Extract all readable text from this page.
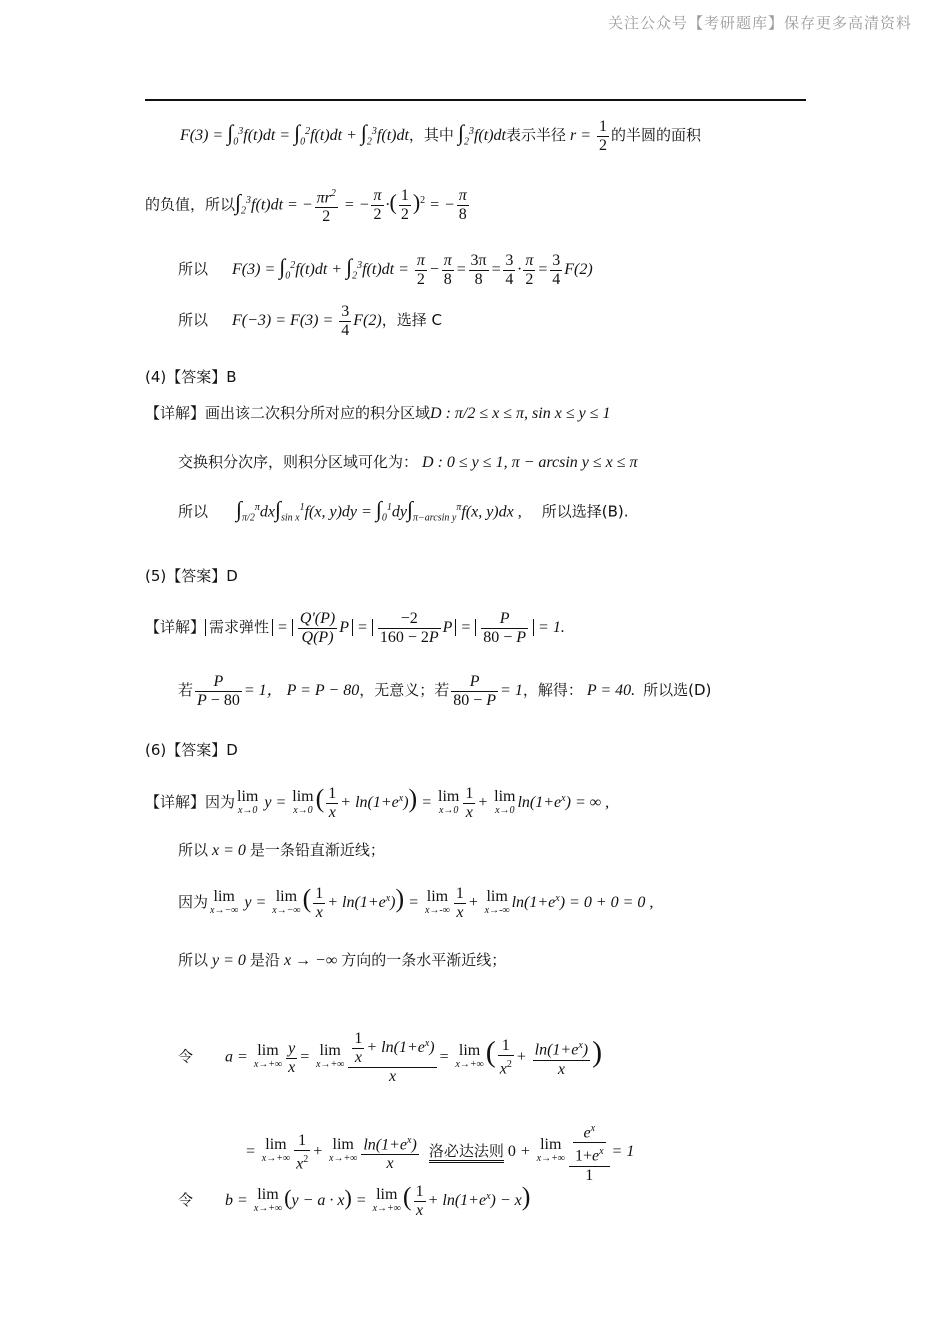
关注公众号【考研题库】保存更多高清资料
$F(3) = \int_0^3f(t)dt = \int_0^2f(t)dt + \int_2^3f(t)dt$，其中 $\int_2^3f(t)dt$表示半径 $r = \frac{1}{2}$ 的半圆的面积
的负值，所以$\int_2^3f(t)dt$ = − $\frac{\pi r^2}{2}$ = − $\frac{\pi}{2}$ ·( $\frac{1}{2} )^2$ = − $\frac{\pi}{8}$
所以      $F(3) = \int_0^2f(t)dt + \int_2^3f(t)dt = \frac{\pi}{2} - \frac{\pi}{8} = \frac{3\pi}{8} = \frac{3}{4} \cdot \frac{\pi}{2} = \frac{3}{4} F(2)$
所以      $F(-3) = F(3) = \frac{3}{4} F(2)$，选择 C
(4)【答案】B
【详解】画出该二次积分所对应的积分区域D : π/2 ≤ x ≤ π, sin x ≤ y ≤ 1
交换积分次序，则积分区域可化为： D : 0 ≤ y ≤ 1, π − arcsin y ≤ x ≤ π
所以 $\int_{\pi/2}^\pi dx\int_{sin x}^1f(x$, $y)dy = \int_0^1dy\int_{\pi-arcsin y}^\pi f(x$, y)dx ,     所以选择(B).
(5)【答案】D
【详解】 需求弹性 = $\frac{Q'(P)}{Q(P)}$ $P = \frac{-2}{160 - 2P}$ $P = \frac{P}{80 - P} = 1$.
若 $\frac{P}{P - 80} = 1$， P = P − 80，无意义；若 $\frac{P}{80 - P} = 1$，解得： P = 40.  所以选(D)
(6)【答案】D
【详解】因为 lim
x→0 y = lim
x→0 ( $\frac{1}{x} + \ln(1+e^x)) = \lim$
$x\to 0 \frac{1}{x} + \lim$
x→0 $\ln(1+e^x)$ = ∞ ,
所以 x = 0 是一条铅直渐近线；
因为 lim
x→−∞ y = lim
x→−∞ ( $\frac{1}{x} + \ln(1+e^x)) = \lim$
$x\to-\infty \frac{1}{x} + \lim$
x→-∞ $\ln(1+e^x) = 0 + 0 = 0$ ,
所以 y = 0 是沿 x → −∞ 方向的一条水平渐近线；
令        a = lim
$x\to+\infty \frac{y}{x} = \lim$
$x\to+\infty \frac{\frac{1}{x} + \ln(1+e^x)}{x} = \lim$
x→+∞ ( $\frac{1}{x^2} + \frac{\ln(1+e^x)}{x}$ )
= lim
$x\to+\infty \frac{1}{x^2} + \lim$
$x\to+\infty \frac{\ln(1+e^x)}{x}$ 洛必达法则 0 + lim
$x\to+\infty \frac{\frac{e^x}{1+e^x}}{1} = 1$
令        b = lim
x→+∞ (y − a · x) = lim
x→+∞ ( $\frac{1}{x} + \ln(1+e^x) - x$)
